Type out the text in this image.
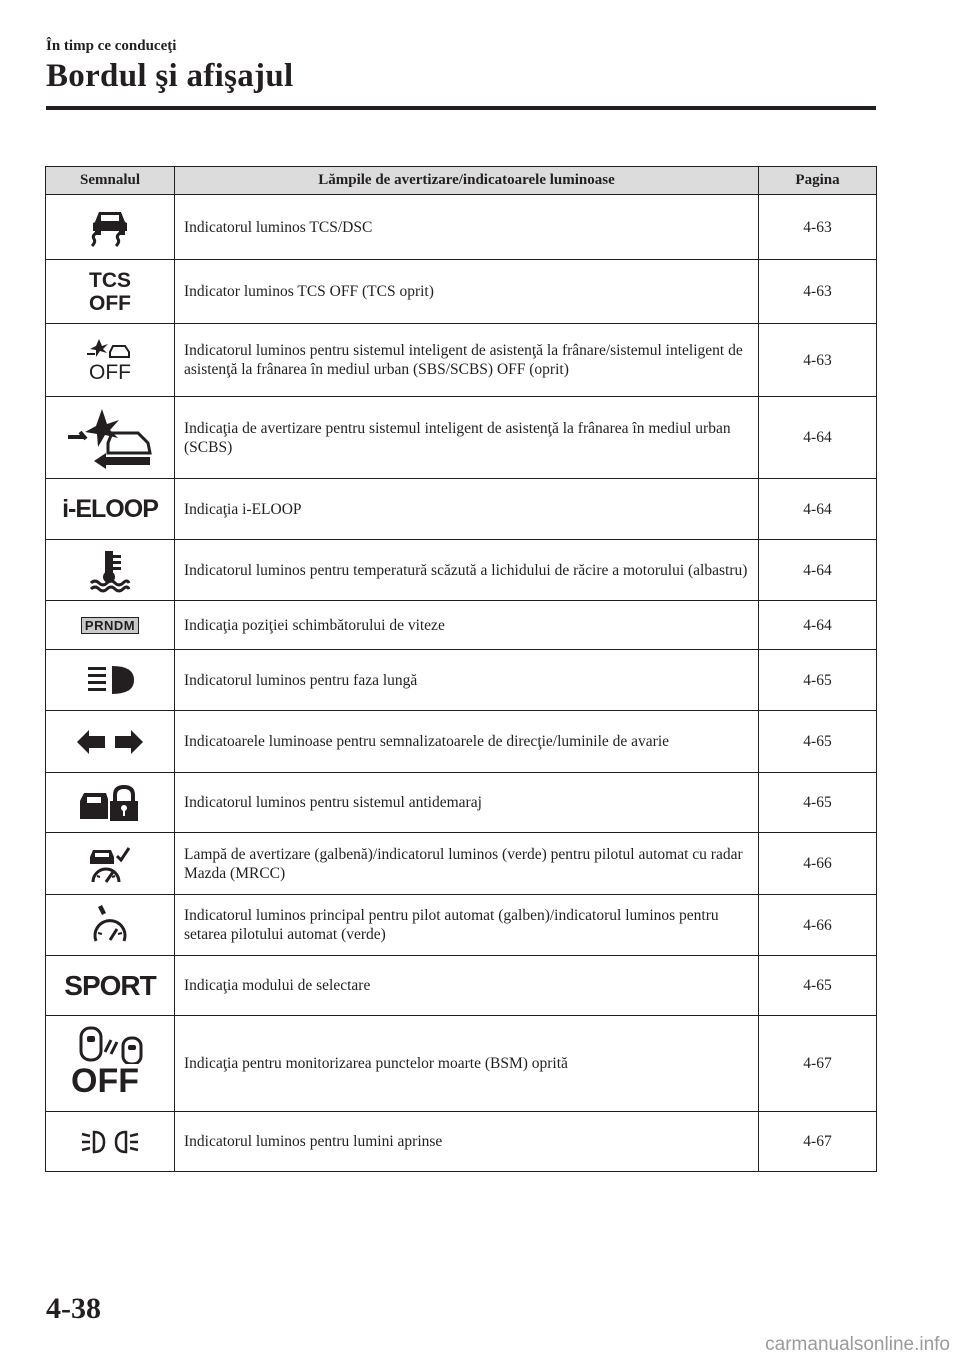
În timp ce conduceţi
Bordul şi afişajul
Semnalul	Lămpile de avertizare/indicatoarele luminoase	Pagina

	Indicatorul luminos TCS/DSC	4-63

TCS
OFF	Indicator luminos TCS OFF (TCS oprit)	4-63

OFF	Indicatorul luminos pentru sistemul inteligent de asistenţă la frânare/sistemul inteligent de asistenţă la frânarea în mediul urban (SBS/SCBS) OFF (oprit)	4-63

	Indicaţia de avertizare pentru sistemul inteligent de asistenţă la frânarea în mediul urban (SCBS)	4-64

i-ELOOP	Indicaţia i-ELOOP	4-64

	Indicatorul luminos pentru temperatură scăzută a lichidului de răcire a motorului (albastru)	4-64
PRNDM	Indicaţia poziţiei schimbătorului de viteze	4-64

	Indicatorul luminos pentru faza lungă	4-65

	Indicatoarele luminoase pentru semnalizatoarele de direcţie/luminile de avarie	4-65

	Indicatorul luminos pentru sistemul antidemaraj	4-65

	Lampă de avertizare (galbenă)/indicatorul luminos (verde) pentru pilotul automat cu radar Mazda (MRCC)	4-66

	Indicatorul luminos principal pentru pilot automat (galben)/indicatorul luminos pentru setarea pilotului automat (verde)	4-66

SPORT	Indicaţia modului de selectare	4-65

OFF	Indicaţia pentru monitorizarea punctelor moarte (BSM) oprită	4-67

	Indicatorul luminos pentru lumini aprinse	4-67
4-38
carmanualsonline.info
